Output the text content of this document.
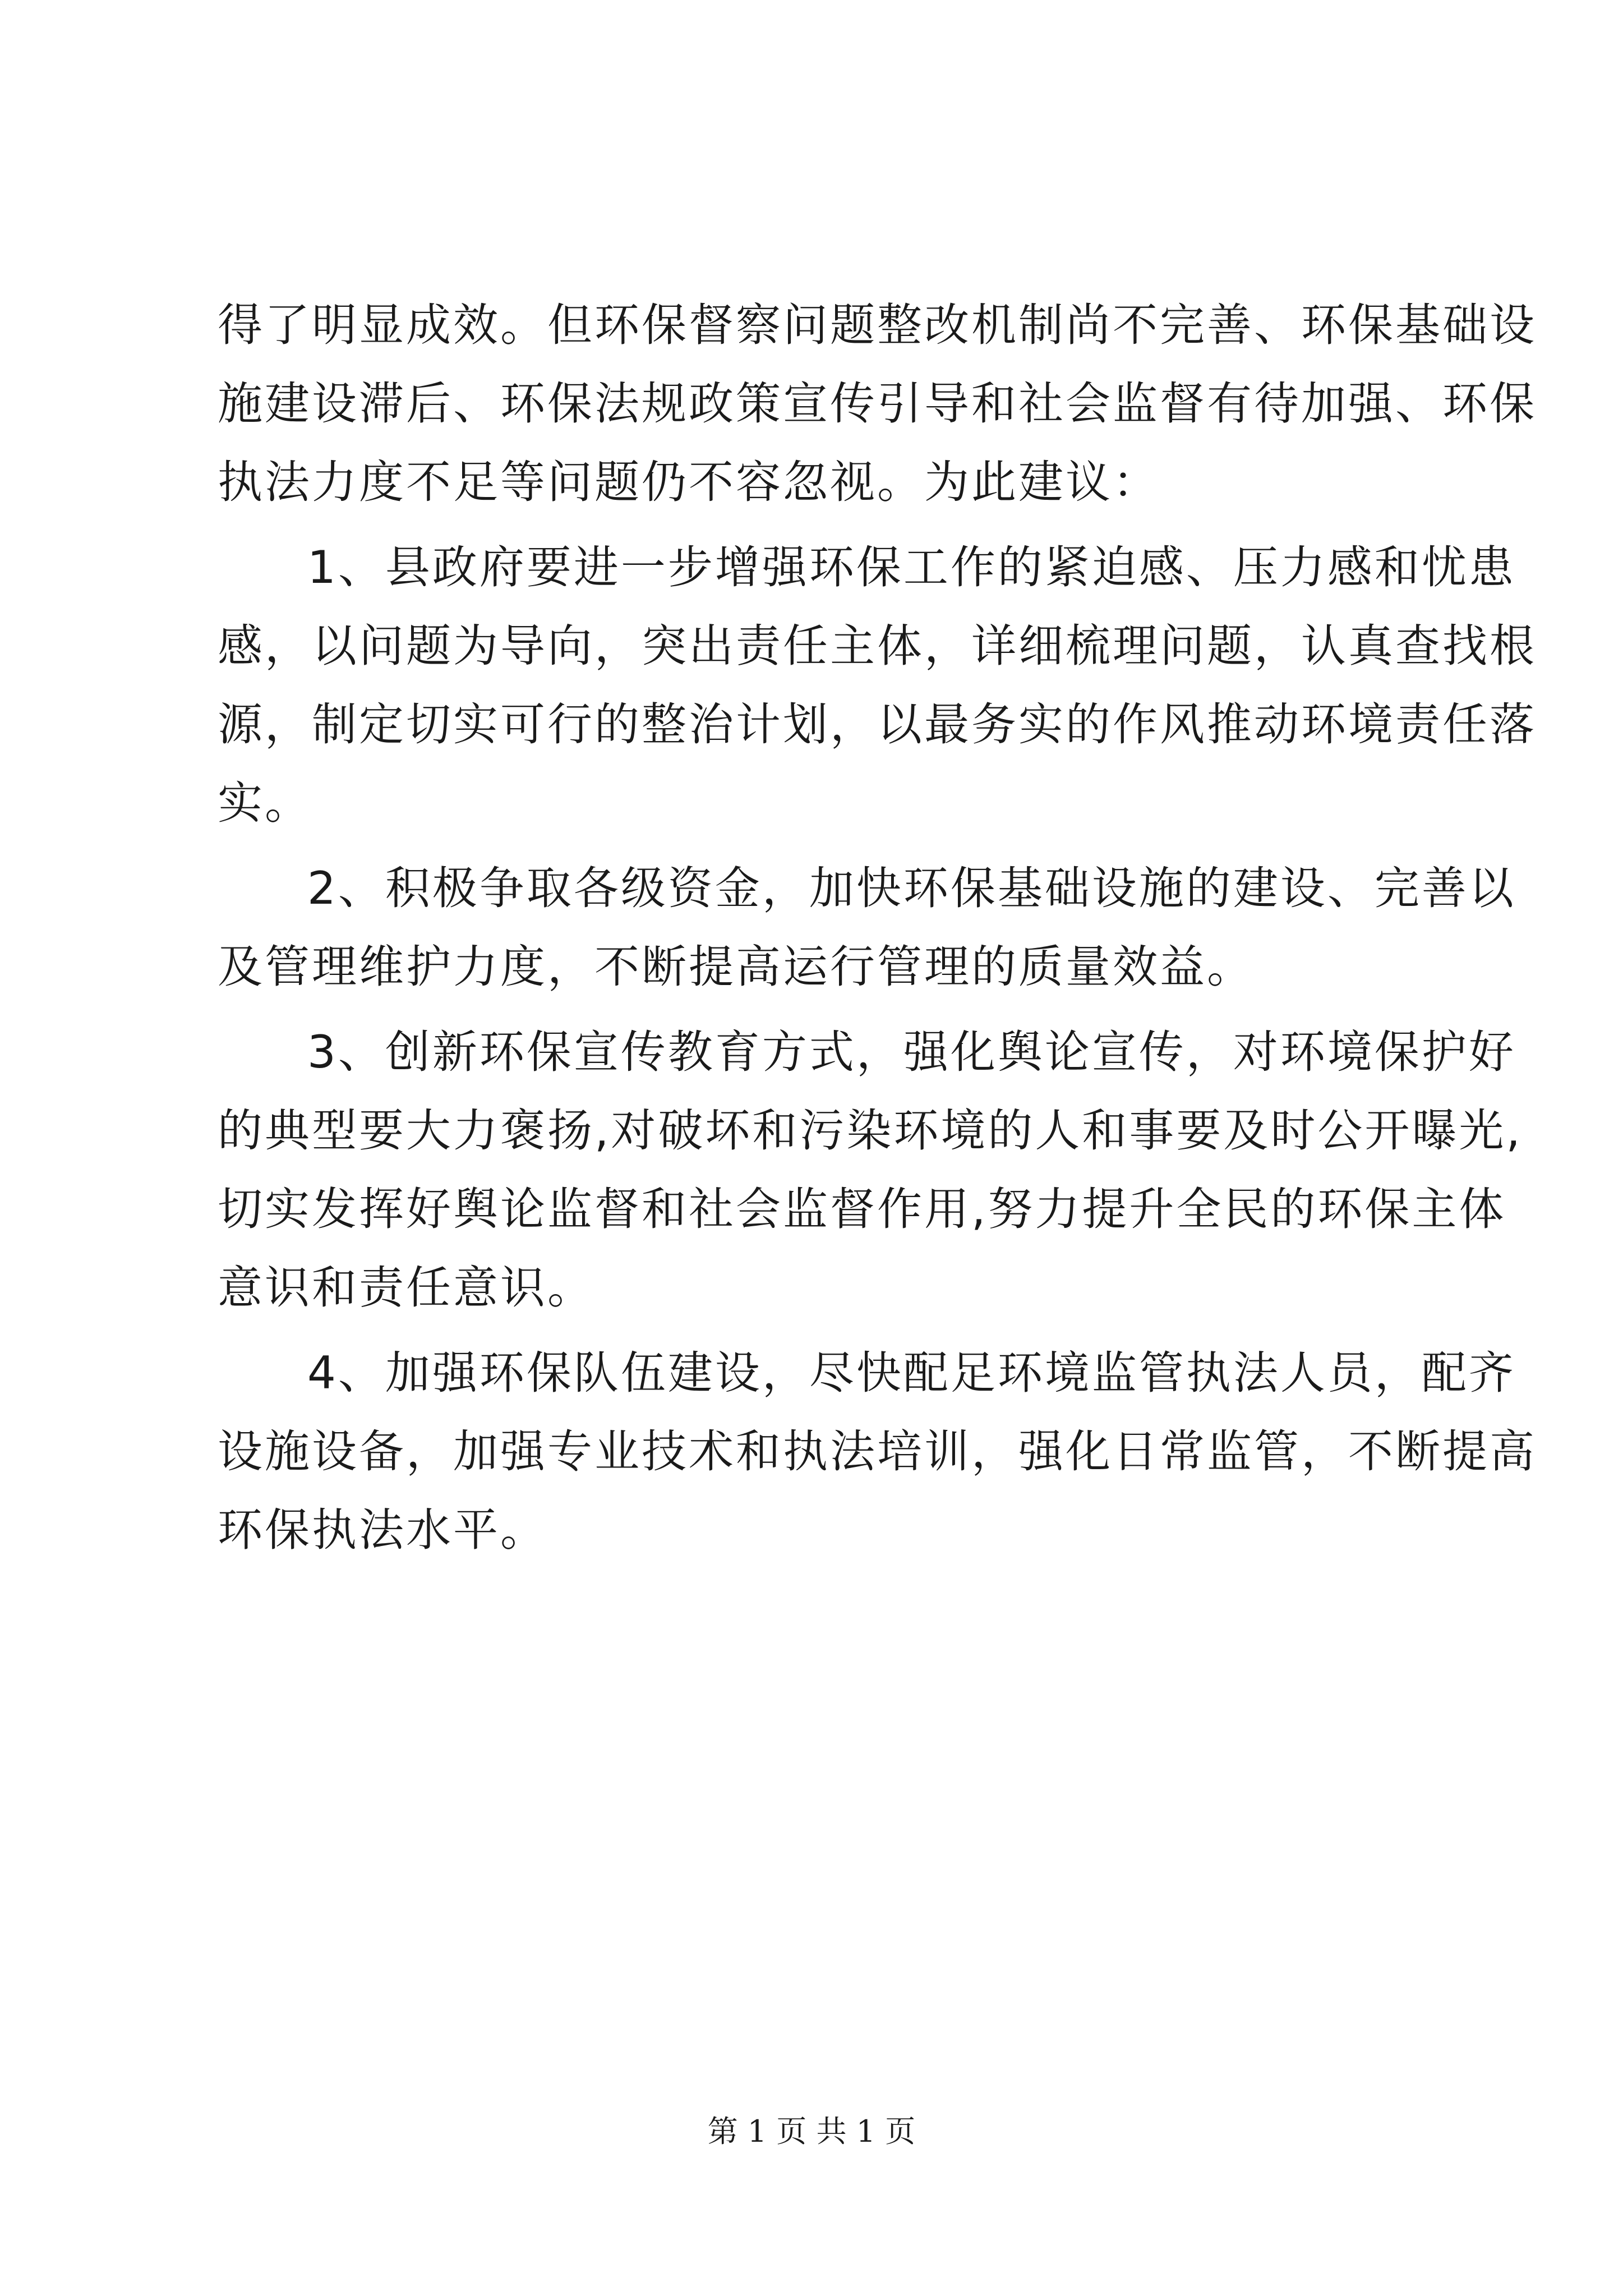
得了明显成效。但环保督察问题整改机制尚不完善、环保基础设
施建设滞后、环保法规政策宣传引导和社会监督有待加强、环保
执法力度不足等问题仍不容忽视。为此建议：

1、县政府要进一步增强环保工作的紧迫感、压力感和忧患
感，以问题为导向，突出责任主体，详细梳理问题，认真查找根
源，制定切实可行的整治计划，以最务实的作风推动环境责任落
实。

2、积极争取各级资金，加快环保基础设施的建设、完善以
及管理维护力度，不断提高运行管理的质量效益。

3、创新环保宣传教育方式，强化舆论宣传，对环境保护好
的典型要大力褒扬,对破坏和污染环境的人和事要及时公开曝光,
切实发挥好舆论监督和社会监督作用,努力提升全民的环保主体
意识和责任意识。

4、加强环保队伍建设，尽快配足环境监管执法人员，配齐
设施设备，加强专业技术和执法培训，强化日常监管，不断提高
环保执法水平。

第 1 页 共 1 页
